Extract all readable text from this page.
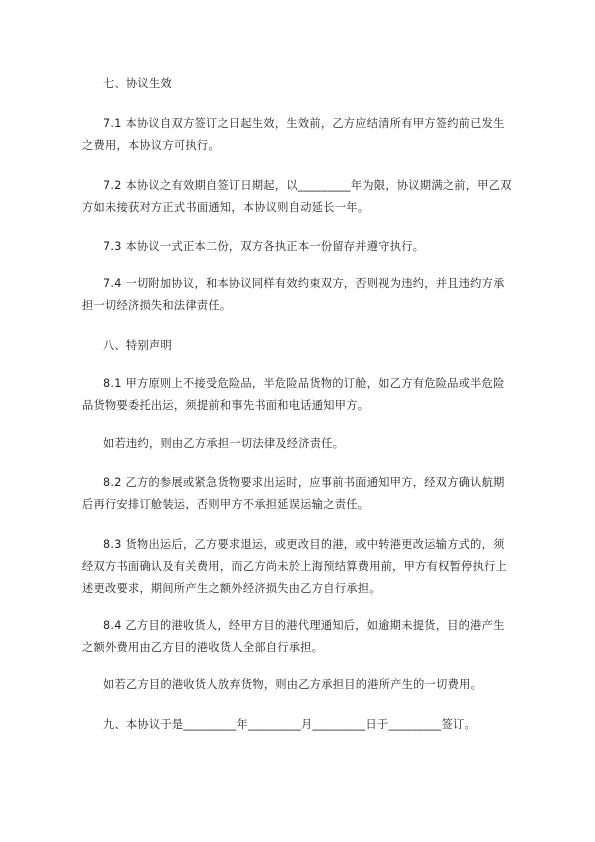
七、协议生效

7.1 本协议自双方签订之日起生效，生效前，乙方应结清所有甲方签约前已发生之费用，本协议方可执行。

7.2 本协议之有效期自签订日期起，以_________年为限，协议期满之前，甲乙双方如未接获对方正式书面通知，本协议则自动延长一年。

7.3 本协议一式正本二份，双方各执正本一份留存并遵守执行。

7.4 一切附加协议，和本协议同样有效约束双方，否则视为违约，并且违约方承担一切经济损失和法律责任。

八、特别声明

8.1 甲方原则上不接受危险品，半危险品货物的订舱，如乙方有危险品或半危险品货物要委托出运，须提前和事先书面和电话通知甲方。

如若违约，则由乙方承担一切法律及经济责任。

8.2 乙方的参展或紧急货物要求出运时，应事前书面通知甲方，经双方确认航期后再行安排订舱装运，否则甲方不承担延误运输之责任。

8.3 货物出运后，乙方要求退运，或更改目的港，或中转港更改运输方式的，须经双方书面确认及有关费用，而乙方尚未於上海预结算费用前，甲方有权暂停执行上述更改要求，期间所产生之额外经济损失由乙方自行承担。

8.4 乙方目的港收货人，经甲方目的港代理通知后，如逾期未提货，目的港产生之额外费用由乙方目的港收货人全部自行承担。

如若乙方目的港收货人放弃货物，则由乙方承担目的港所产生的一切费用。

九、本协议于是_________年_________月_________日于_________签订。
